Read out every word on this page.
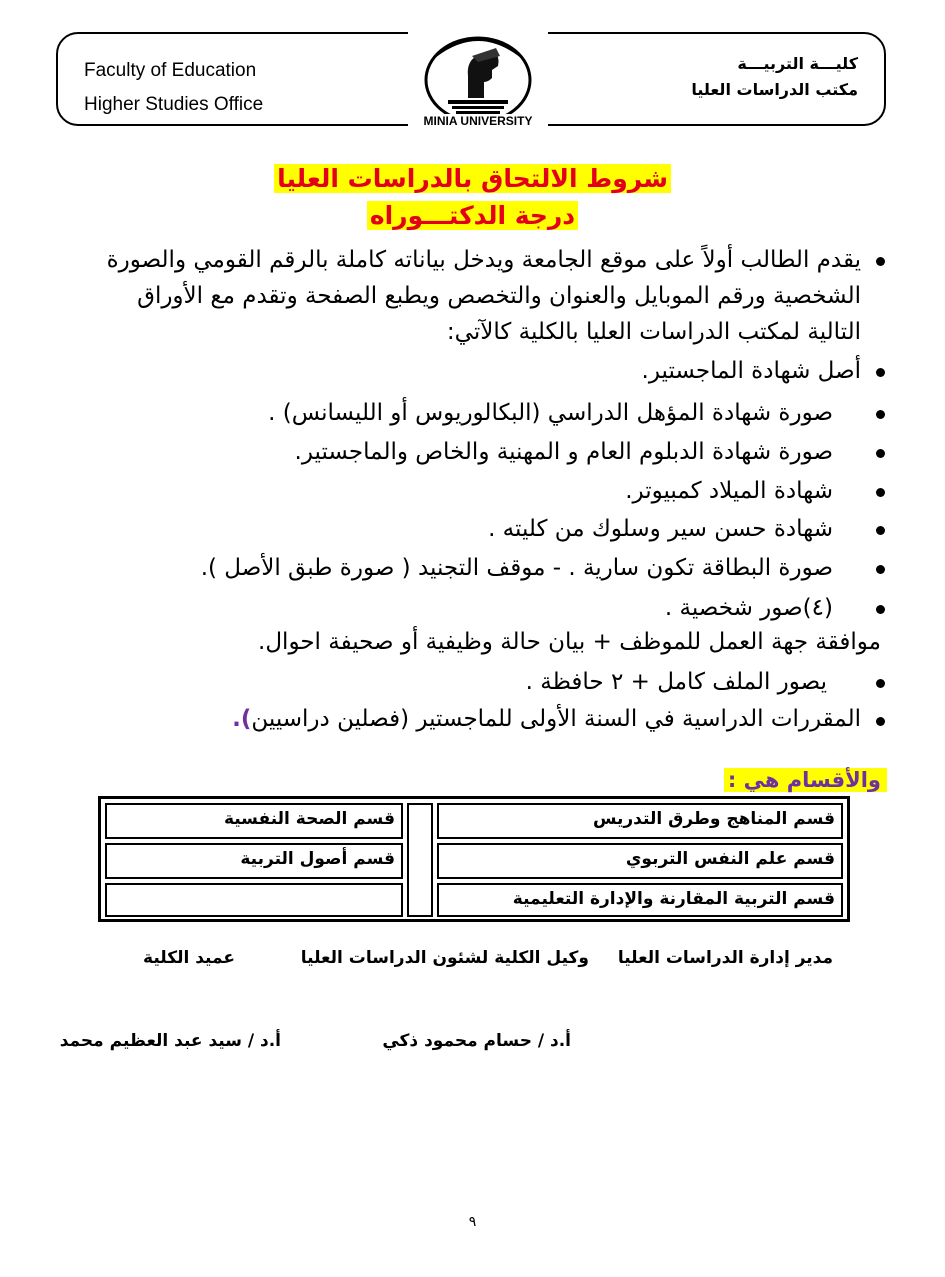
Faculty of Education
Higher Studies Office
كليـــة التربيـــة
مكتب الدراسات العليا
MINIA UNIVERSITY
شروط الالتحاق بالدراسات العليا
درجة الدكتـــوراه
يقدم الطالب أولاً على موقع الجامعة ويدخل بياناته كاملة بالرقم القومي والصورة
الشخصية ورقم الموبايل والعنوان والتخصص ويطبع الصفحة وتقدم مع الأوراق
التالية لمكتب الدراسات العليا بالكلية كالآتي:
أصل شهادة الماجستير.
صورة شهادة المؤهل الدراسي (البكالوريوس أو الليسانس) .
صورة شهادة الدبلوم العام و المهنية والخاص والماجستير.
شهادة الميلاد كمبيوتر.
شهادة حسن سير وسلوك من كليته .
صورة البطاقة تكون سارية . - موقف التجنيد ( صورة طبق الأصل ).
(٤)صور شخصية .
موافقة جهة العمل للموظف + بيان حالة وظيفية أو صحيفة احوال.
يصور الملف كامل + ٢ حافظة .
المقررات الدراسية في السنة الأولى للماجستير (فصلين دراسيين).
والأقسام هي :
قسم المناهج وطرق التدريس
قسم علم النفس التربوي
قسم التربية المقارنة والإدارة التعليمية
قسم الصحة النفسية
قسم أصول التربية
مدير إدارة الدراسات العليا
وكيل الكلية لشئون الدراسات العليا
عميد الكلية
أ.د / حسام محمود ذكي
أ.د / سيد عبد العظيم محمد
٩
